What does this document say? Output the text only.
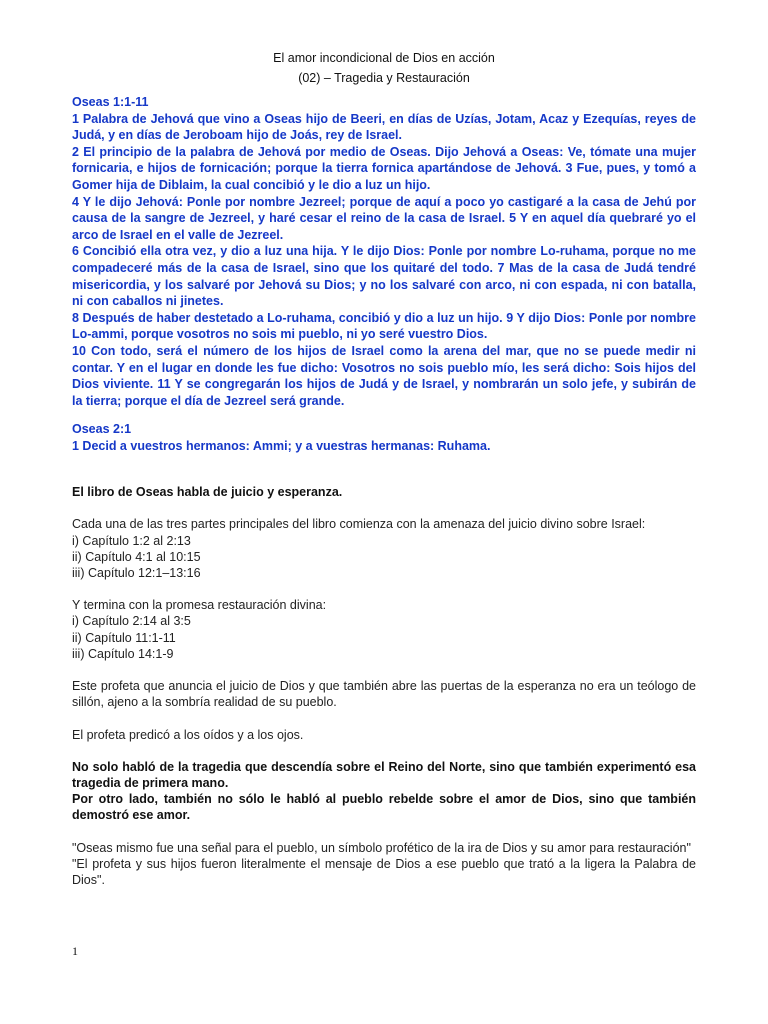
El amor incondicional de Dios en acción
(02) – Tragedia y Restauración

Oseas 1:1-11

1 Palabra de Jehová que vino a Oseas hijo de Beeri, en días de Uzías, Jotam, Acaz y Ezequías, reyes de Judá, y en días de Jeroboam hijo de Joás, rey de Israel.

2 El principio de la palabra de Jehová por medio de Oseas. Dijo Jehová a Oseas: Ve, tómate una mujer fornicaria, e hijos de fornicación; porque la tierra fornica apartándose de Jehová. 3 Fue, pues, y tomó a Gomer hija de Diblaim, la cual concibió y le dio a luz un hijo.

4 Y le dijo Jehová: Ponle por nombre Jezreel; porque de aquí a poco yo castigaré a la casa de Jehú por causa de la sangre de Jezreel, y haré cesar el reino de la casa de Israel. 5 Y en aquel día quebraré yo el arco de Israel en el valle de Jezreel.

6 Concibió ella otra vez, y dio a luz una hija. Y le dijo Dios: Ponle por nombre Lo-ruhama, porque no me compadeceré más de la casa de Israel, sino que los quitaré del todo. 7 Mas de la casa de Judá tendré misericordia, y los salvaré por Jehová su Dios; y no los salvaré con arco, ni con espada, ni con batalla, ni con caballos ni jinetes.

8 Después de haber destetado a Lo-ruhama, concibió y dio a luz un hijo. 9 Y dijo Dios: Ponle por nombre Lo-ammi, porque vosotros no sois mi pueblo, ni yo seré vuestro Dios.

10 Con todo, será el número de los hijos de Israel como la arena del mar, que no se puede medir ni contar. Y en el lugar en donde les fue dicho: Vosotros no sois pueblo mío, les será dicho: Sois hijos del Dios viviente. 11 Y se congregarán los hijos de Judá y de Israel, y nombrarán un solo jefe, y subirán de la tierra; porque el día de Jezreel será grande.

Oseas 2:1

1 Decid a vuestros hermanos: Ammi; y a vuestras hermanas: Ruhama.

El libro de Oseas habla de juicio y esperanza.

Cada una de las tres partes principales del libro comienza con la amenaza del juicio divino sobre Israel:

i) Capítulo 1:2 al 2:13

ii) Capítulo 4:1 al 10:15

iii) Capítulo 12:1–13:16

Y termina con la promesa restauración divina:

i) Capítulo 2:14 al 3:5

ii) Capítulo 11:1-11

iii) Capítulo 14:1-9

Este profeta que anuncia el juicio de Dios y que también abre las puertas de la esperanza no era un teólogo de sillón, ajeno a la sombría realidad de su pueblo.

El profeta predicó a los oídos y a los ojos.

No solo habló de la tragedia que descendía sobre el Reino del Norte, sino que también experimentó esa tragedia de primera mano.

Por otro lado, también no sólo le habló al pueblo rebelde sobre el amor de Dios, sino que también demostró ese amor.

"Oseas mismo fue una señal para el pueblo, un símbolo profético de la ira de Dios y su amor para restauración"

"El profeta y sus hijos fueron literalmente el mensaje de Dios a ese pueblo que trató a la ligera la Palabra de Dios".

1
